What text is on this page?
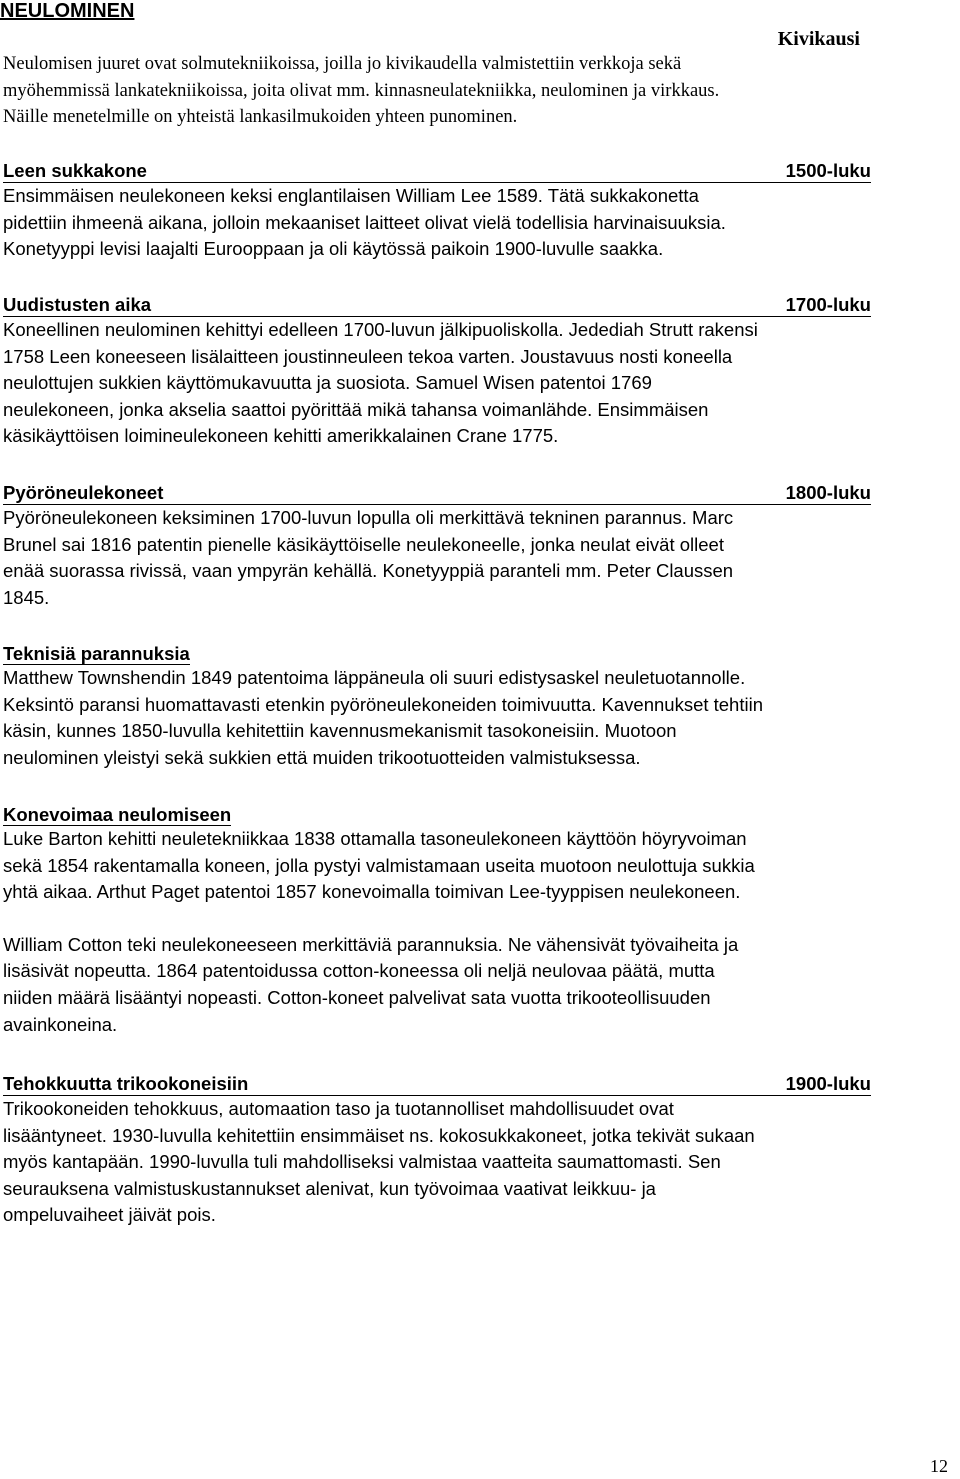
NEULOMINEN
Kivikausi

Neulomisen juuret ovat solmutekniikoissa, joilla jo kivikaudella valmistettiin verkkoja sekä
myöhemmissä lankatekniikoissa, joita olivat mm. kinnasneulatekniikka, neulominen ja virkkaus.
Näille menetelmille on yhteistä lankasilmukoiden yhteen punominen.

Leen sukkakone	1500-luku

Ensimmäisen neulekoneen keksi englantilaisen William Lee 1589. Tätä sukkakonetta
pidettiin ihmeenä aikana, jolloin mekaaniset laitteet olivat vielä todellisia harvinaisuuksia.
Konetyyppi levisi laajalti Eurooppaan ja oli käytössä paikoin 1900-luvulle saakka.

Uudistusten aika	1700-luku

Koneellinen neulominen kehittyi edelleen 1700-luvun jälkipuoliskolla. Jedediah Strutt rakensi
1758 Leen koneeseen lisälaitteen joustinneuleen tekoa varten. Joustavuus nosti koneella
neulottujen sukkien käyttömukavuutta ja suosiota. Samuel Wisen patentoi 1769
neulekoneen, jonka akselia saattoi pyörittää mikä tahansa voimanlähde. Ensimmäisen
käsikäyttöisen loimineulekoneen kehitti amerikkalainen Crane 1775.

Pyöröneulekoneet	1800-luku

Pyöröneulekoneen keksiminen 1700-luvun lopulla oli merkittävä tekninen parannus. Marc
Brunel sai 1816 patentin pienelle käsikäyttöiselle neulekoneelle, jonka neulat eivät olleet
enää suorassa rivissä, vaan ympyrän kehällä. Konetyyppiä paranteli mm. Peter Claussen
1845.

Teknisiä parannuksia

Matthew Townshendin 1849 patentoima läppäneula oli suuri edistysaskel neuletuotannolle.
Keksintö paransi huomattavasti etenkin pyöröneulekoneiden toimivuutta. Kavennukset tehtiin
käsin, kunnes 1850-luvulla kehitettiin kavennusmekanismit tasokoneisiin. Muotoon
neulominen yleistyi sekä sukkien että muiden trikootuotteiden valmistuksessa.

Konevoimaa neulomiseen

Luke Barton kehitti neuletekniikkaa 1838 ottamalla tasoneulekoneen käyttöön höyryvoiman
sekä 1854 rakentamalla koneen, jolla pystyi valmistamaan useita muotoon neulottuja sukkia
yhtä aikaa. Arthut Paget patentoi 1857 konevoimalla toimivan Lee-tyyppisen neulekoneen.

William Cotton teki neulekoneeseen merkittäviä parannuksia. Ne vähensivät työvaiheita ja
lisäsivät nopeutta. 1864 patentoidussa cotton-koneessa oli neljä neulovaa päätä, mutta
niiden määrä lisääntyi nopeasti. Cotton-koneet palvelivat sata vuotta trikooteollisuuden
avainkoneina.

Tehokkuutta trikookoneisiin	1900-luku

Trikookoneiden tehokkuus, automaation taso ja tuotannolliset mahdollisuudet ovat
lisääntyneet. 1930-luvulla kehitettiin ensimmäiset ns. kokosukkakoneet, jotka tekivät sukaan
myös kantapään. 1990-luvulla tuli mahdolliseksi valmistaa vaatteita saumattomasti. Sen
seurauksena valmistuskustannukset alenivat, kun työvoimaa vaativat leikkuu- ja
ompeluvaiheet jäivät pois.

12
